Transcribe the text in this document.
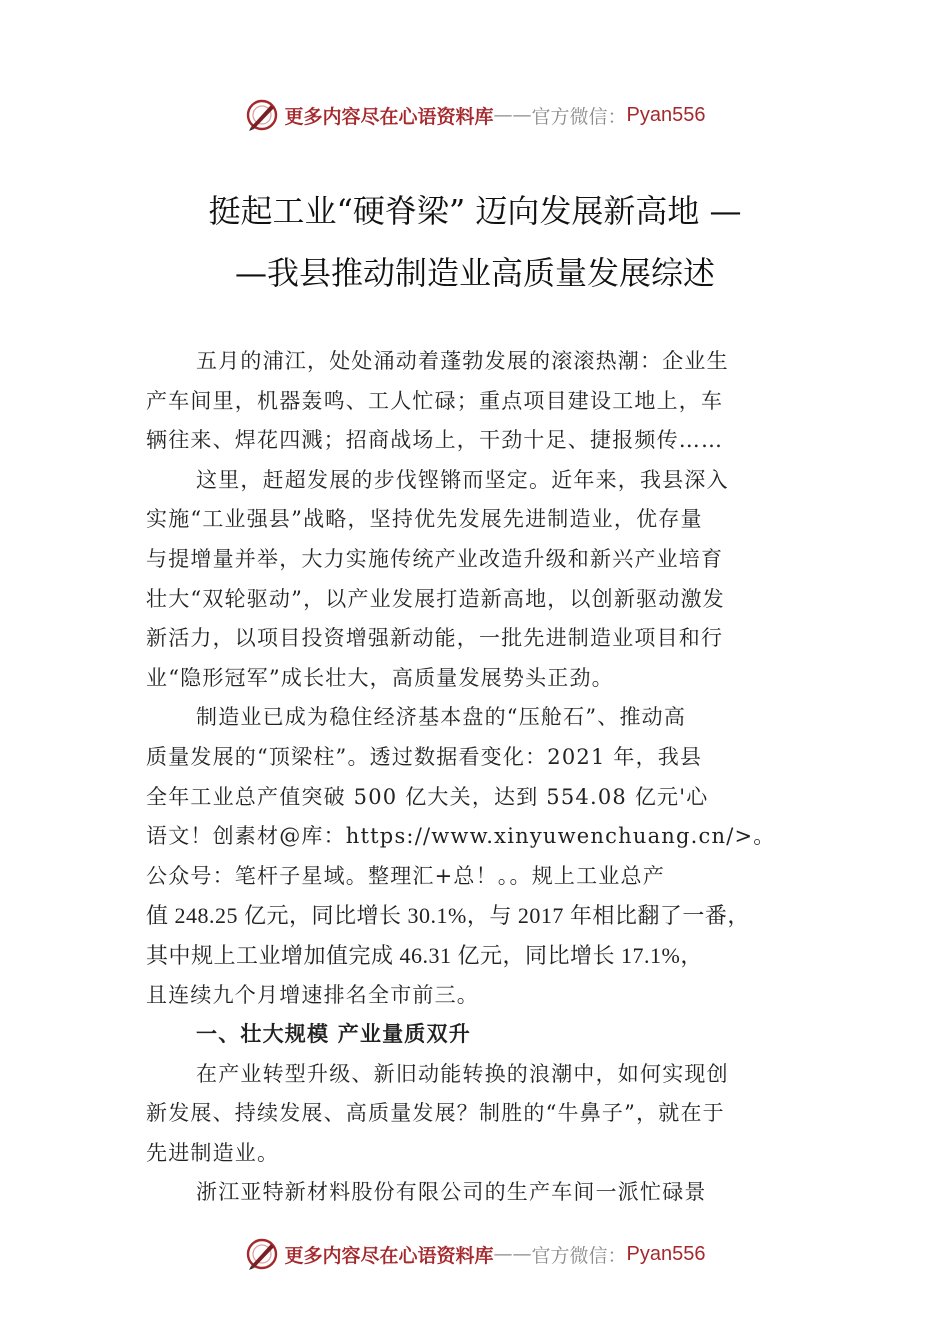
更多内容尽在心语资料库 —— 官方微信： Pyan556
挺起工业“硬脊梁” 迈向发展新高地 —
—我县推动制造业高质量发展综述
五月的浦江，处处涌动着蓬勃发展的滚滚热潮：企业生
产车间里，机器轰鸣、工人忙碌；重点项目建设工地上，车
辆往来、焊花四溅；招商战场上，干劲十足、捷报频传……
这里，赶超发展的步伐铿锵而坚定。近年来，我县深入
实施“工业强县”战略，坚持优先发展先进制造业，优存量
与提增量并举，大力实施传统产业改造升级和新兴产业培育
壮大“双轮驱动”，以产业发展打造新高地，以创新驱动激发
新活力，以项目投资增强新动能，一批先进制造业项目和行
业“隐形冠军”成长壮大，高质量发展势头正劲。
制造业已成为稳住经济基本盘的“压舱石”、推动高
质量发展的“顶梁柱”。透过数据看变化：2021 年，我县
全年工业总产值突破 500 亿大关，达到 554.08 亿元'心
语文！创素材@库：https://www.xinyuwenchuang.cn/>。
公众号：笔杆子星域。整理汇+总！。。规上工业总产
值 248.25 亿元，同比增长 30.1%，与 2017 年相比翻了一番，
其中规上工业增加值完成 46.31 亿元，同比增长 17.1%，
且连续九个月增速排名全市前三。
一、壮大规模 产业量质双升
在产业转型升级、新旧动能转换的浪潮中，如何实现创
新发展、持续发展、高质量发展？制胜的“牛鼻子”，就在于
先进制造业。
浙江亚特新材料股份有限公司的生产车间一派忙碌景
更多内容尽在心语资料库 —— 官方微信： Pyan556
